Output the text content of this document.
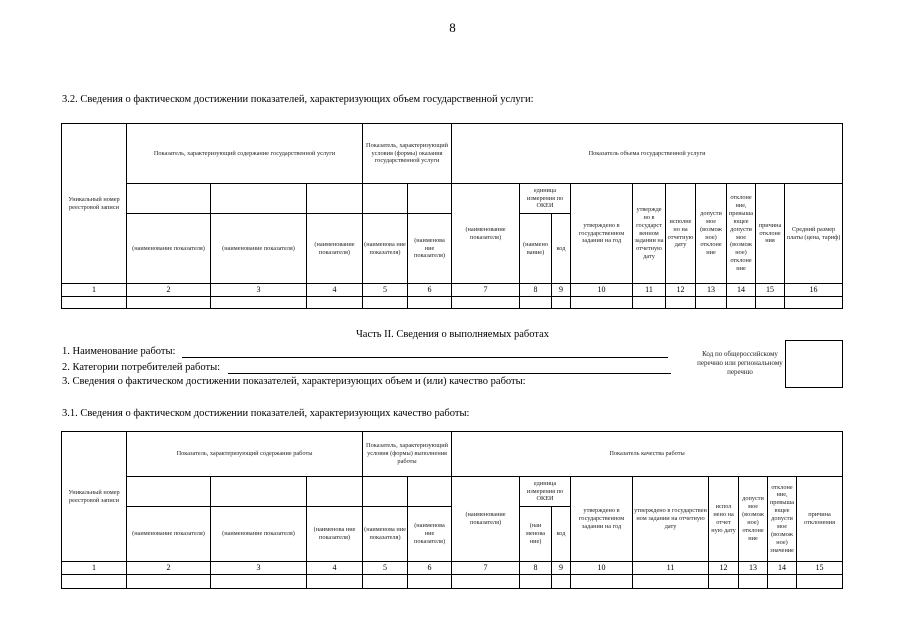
8
3.2. Сведения о фактическом достижении показателей, характеризующих объем государственной услуги:
Уникальный номер реестровой записи	Показатель, характеризующий содержание государственной услуги			Показатель, характеризующий условия (формы) оказания государственной услуги		Показатель объема государственной услуги									
						(наименование показателя)	единица измерения по ОКЕИ		утверждено в государственном задании на год	утвержде но в государст венном задании на отчетную дату	исполне но на отчетную дату	допусти мое (возмож ное) отклоне ние	отклоне ние, превыша ющее допусти мое (возмож ное) отклоне ние	причина отклоне ния	Средний размер платы (цена, тариф)
	(наименование показателя)	(наименование показателя)	(наименование показателя)	(наименова ние показателя)	(наименова ние показателя)		(наимено вание)	код							
1	2	3	4	5	6	7	8	9	10	11	12	13	14	15	16

Часть II. Сведения о выполняемых работах
1. Наименование работы:
2. Категории потребителей работы:
3. Сведения о фактическом достижении показателей, характеризующих объем и (или) качество работы:
Код по общероссийскому перечню или региональному перечню
3.1. Сведения о фактическом достижении показателей, характеризующих качество работы:
Уникальный номер реестровой записи	Показатель, характеризующий содержание работы			Показатель, характеризующий условия (формы) выполнения работы		Показатель качества работы								
						(наименование показателя)	единица измерения по ОКЕИ		утверждено в государственном задании на год	утверждено в государствен ном задании на отчетную дату	испол нено на отчет ную дату	допусти мое (возмож ное) отклоне ние	отклоне ние, превыша ющее допусти мое (возмож ное) значение	причина отклонения
	(наименование показателя)	(наименование показателя)	(наименова ние показателя)	(наименова ние показателя)	(наименова ние показателя)		(наи менова ние)	код						
1	2	3	4	5	6	7	8	9	10	11	12	13	14	15
